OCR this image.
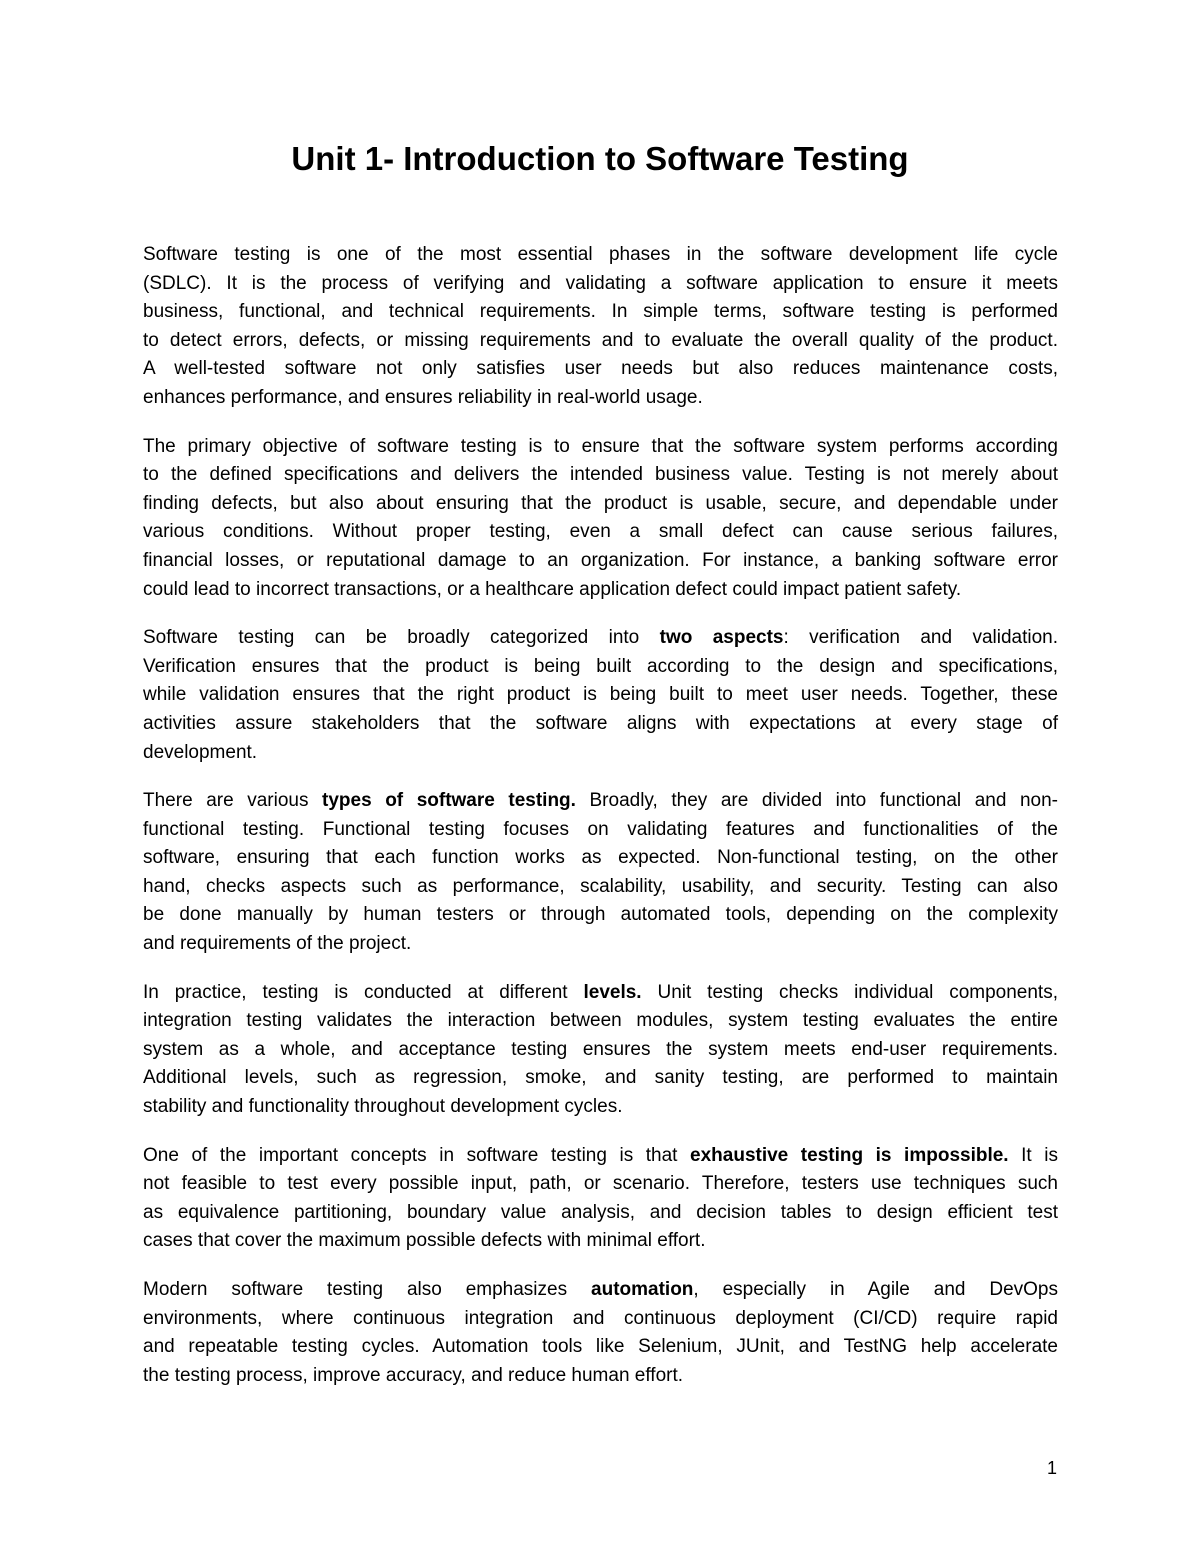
Unit 1- Introduction to Software Testing
Software testing is one of the most essential phases in the software development life cycle
(SDLC). It is the process of verifying and validating a software application to ensure it meets
business, functional, and technical requirements. In simple terms, software testing is performed
to detect errors, defects, or missing requirements and to evaluate the overall quality of the product.
A well-tested software not only satisfies user needs but also reduces maintenance costs,
enhances performance, and ensures reliability in real-world usage.
The primary objective of software testing is to ensure that the software system performs according
to the defined specifications and delivers the intended business value. Testing is not merely about
finding defects, but also about ensuring that the product is usable, secure, and dependable under
various conditions. Without proper testing, even a small defect can cause serious failures,
financial losses, or reputational damage to an organization. For instance, a banking software error
could lead to incorrect transactions, or a healthcare application defect could impact patient safety.
Software testing can be broadly categorized into two aspects: verification and validation.
Verification ensures that the product is being built according to the design and specifications,
while validation ensures that the right product is being built to meet user needs. Together, these
activities assure stakeholders that the software aligns with expectations at every stage of
development.
There are various types of software testing. Broadly, they are divided into functional and non-
functional testing. Functional testing focuses on validating features and functionalities of the
software, ensuring that each function works as expected. Non-functional testing, on the other
hand, checks aspects such as performance, scalability, usability, and security. Testing can also
be done manually by human testers or through automated tools, depending on the complexity
and requirements of the project.
In practice, testing is conducted at different levels. Unit testing checks individual components,
integration testing validates the interaction between modules, system testing evaluates the entire
system as a whole, and acceptance testing ensures the system meets end-user requirements.
Additional levels, such as regression, smoke, and sanity testing, are performed to maintain
stability and functionality throughout development cycles.
One of the important concepts in software testing is that exhaustive testing is impossible. It is
not feasible to test every possible input, path, or scenario. Therefore, testers use techniques such
as equivalence partitioning, boundary value analysis, and decision tables to design efficient test
cases that cover the maximum possible defects with minimal effort.
Modern software testing also emphasizes automation, especially in Agile and DevOps
environments, where continuous integration and continuous deployment (CI/CD) require rapid
and repeatable testing cycles. Automation tools like Selenium, JUnit, and TestNG help accelerate
the testing process, improve accuracy, and reduce human effort.
1
